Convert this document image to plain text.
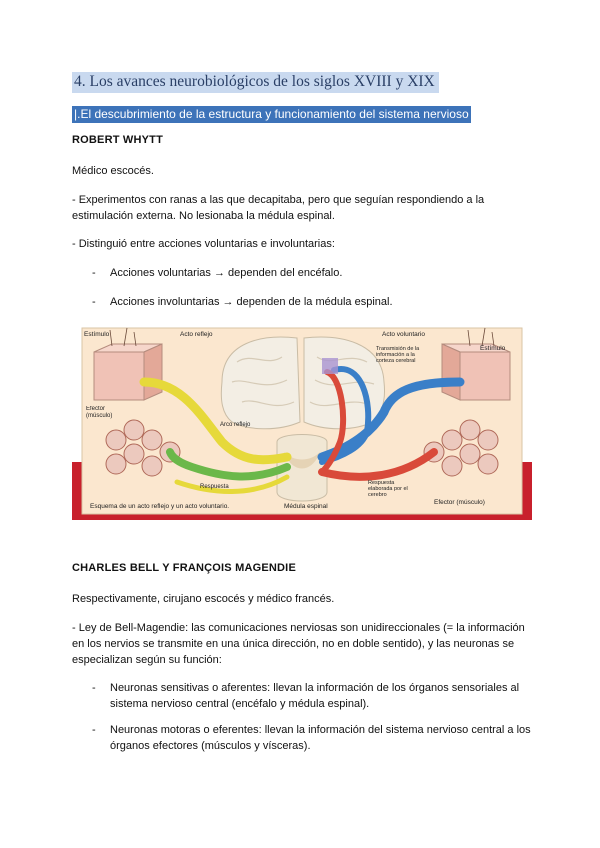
4. Los avances neurobiológicos de los siglos XVIII y XIX
|.El descubrimiento de la estructura y funcionamiento del sistema nervioso
ROBERT WHYTT
Médico escocés.
- Experimentos con ranas a las que decapitaba, pero que seguían respondiendo a la estimulación externa. No lesionaba la médula espinal.
- Distinguió entre acciones voluntarias e involuntarias:
- Acciones voluntarias → dependen del encéfalo.
- Acciones involuntarias → dependen de la médula espinal.
Estímulo	Acto reflejo	Acto voluntario
Estímulo
Transmisión de la información a la corteza cerebral
Efector (músculo)
Arco reflejo
Respuesta
Respuesta elaborada por el cerebro
Efector (músculo)
Esquema de un acto reflejo y un acto voluntario.	Médula espinal
CHARLES BELL Y FRANÇOIS MAGENDIE
Respectivamente, cirujano escocés y médico francés.
- Ley de Bell-Magendie: las comunicaciones nerviosas son unidireccionales (= la información en los nervios se transmite en una única dirección, no en doble sentido), y las neuronas se especializan según su función:
- Neuronas sensitivas o aferentes: llevan la información de los órganos sensoriales al sistema nervioso central (encéfalo y médula espinal).
- Neuronas motoras o eferentes: llevan la información del sistema nervioso central a los órganos efectores (músculos y vísceras).
